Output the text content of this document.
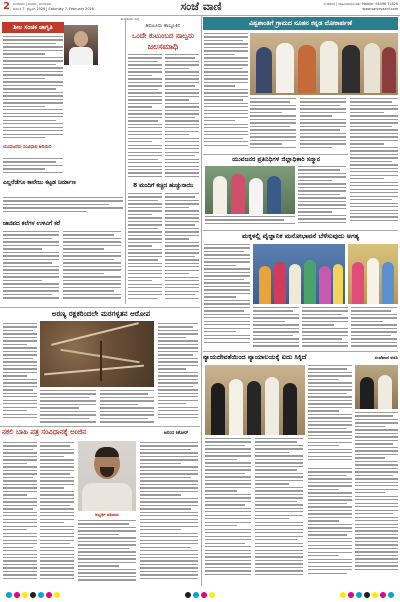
2 ಸಂಜೆವಾಣಿ | ಶನಿವಾರ, ಬೆಂಗಳೂರು
ದಿನಾಂಕ 7, ಫೆಬ್ರವರಿ 2026 | Saturday 7, February 2026	ಸಂಜೆ ವಾಣಿ	ಸಂಜೆವಾಣಿ | ಜಾಹೀರಾತು/ಸಂಪರ್ಕ Mobile: 94496 71620
www.sanjevaani.com
ತುಮಕೂರು ಜಿಲ್ಲೆ
ಶೀಲ ಸಂಚಕ ಜಾಗೃತಿ
ಯುವಜನರು ಸಂವಿಧಾನ ಅರಿಯಿರಿ
ಎಲ್ಲರೆಡೆಗೂ ಕಾಲೇಜು ಕಟ್ಟಡ ನಿರ್ಮಾಣ
ಜಾನಪದ ಕಲೆಗಳ ಉಳಿವಿಗೆ ಕರೆ
ತಿಪಟೂರು ತಾಲ್ಲೂಕಿನ
ಒಂದೇ ಕುಟುಂಬದ ನಾಲ್ವರು
ಜಲಸಮಾಧಿ
8 ಮಂದಿಗೆ ಕಚ್ಚಿದ ಹುಚ್ಚುನಾಯಿ
ಅರಣ್ಯ ರಕ್ಷಕರಿಂದಲೇ ಮರಗಳ್ಳತನ ಆರೋಪ
ನಕಲಿ ಬಾಹಿ ಪತ್ರ ಸಂವಿಧಾನಕ್ಕೆ ಅಂಜಿನ	ಅನಂದ ಕಿಶೋರ್
ಅಭ್ಯರ್ಥಿ ಪರಿಚಯ
ವಿಶ್ವಶಾಂತಿಗೆ ಗ್ರಾಮದ ನೂತನ ಕನ್ನಡ ಲೋಕಾರ್ಪಣೆ
ಯುವಜನರ ಪ್ರತಿನಿಧಿಗಳ ಜಿಲ್ಲಾಧಿಕಾರಿ ಸನ್ಮಾನ
ಮಕ್ಕಳಲ್ಲಿ ವೈಜ್ಞಾನಿಕ ಮನೋಭಾವನೆ ಬೆಳೆಸುವುದು ಅಗತ್ಯ
ನ್ಯಾಯದೇವತೆಯಿಂದ ನ್ಯಾಯಾಲಯಕ್ಕೆ ಐದು ಸಿಕ್ಕಿದೆ	ಸಂಜೆವಾಣಿ ವರದಿ
